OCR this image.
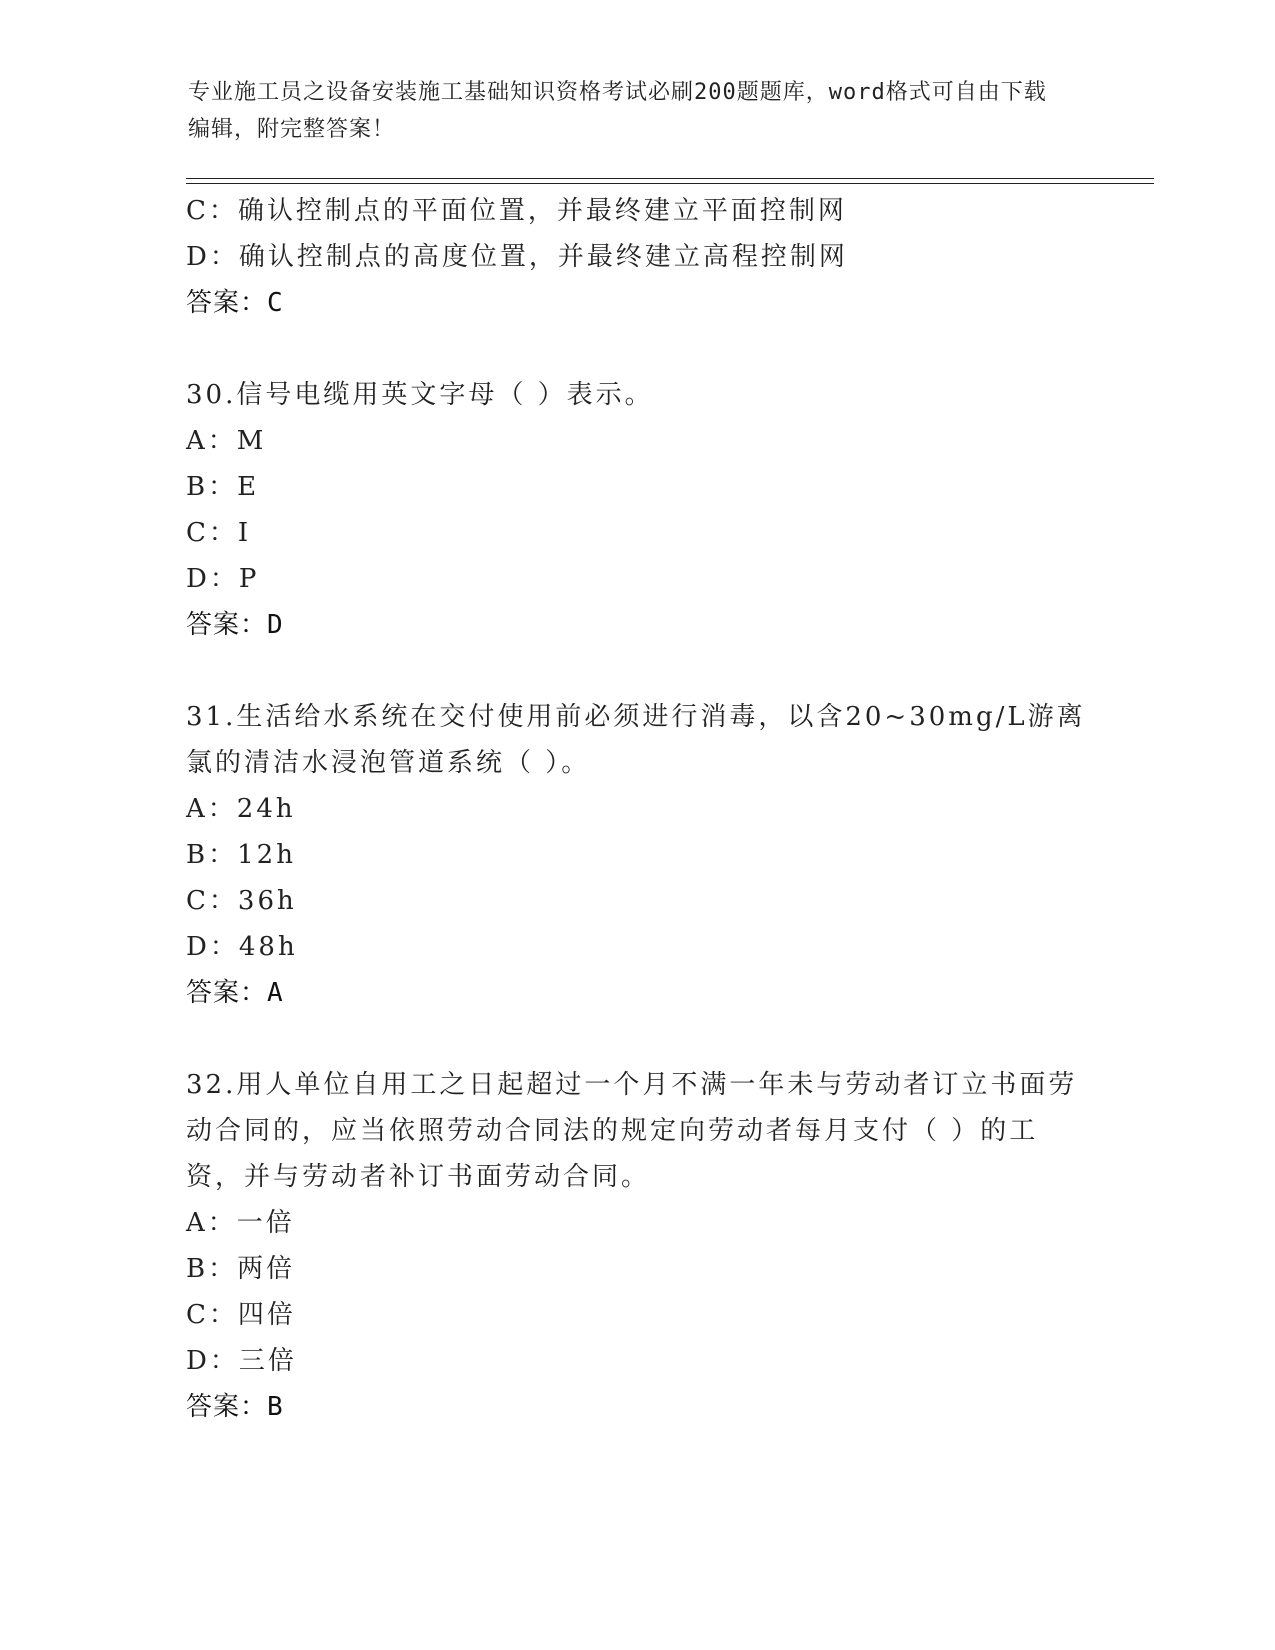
专业施工员之设备安装施工基础知识资格考试必刷200题题库，word格式可自由下载编辑，附完整答案！
C：确认控制点的平面位置，并最终建立平面控制网
D：确认控制点的高度位置，并最终建立高程控制网
答案：C
30.信号电缆用英文字母（ ）表示。
A：M
B：E
C：I
D：P
答案：D
31.生活给水系统在交付使用前必须进行消毒，以含20~30mg/L游离氯的清洁水浸泡管道系统（ ）。
A：24h
B：12h
C：36h
D：48h
答案：A
32.用人单位自用工之日起超过一个月不满一年未与劳动者订立书面劳动合同的，应当依照劳动合同法的规定向劳动者每月支付（ ）的工资，并与劳动者补订书面劳动合同。
A：一倍
B：两倍
C：四倍
D：三倍
答案：B
